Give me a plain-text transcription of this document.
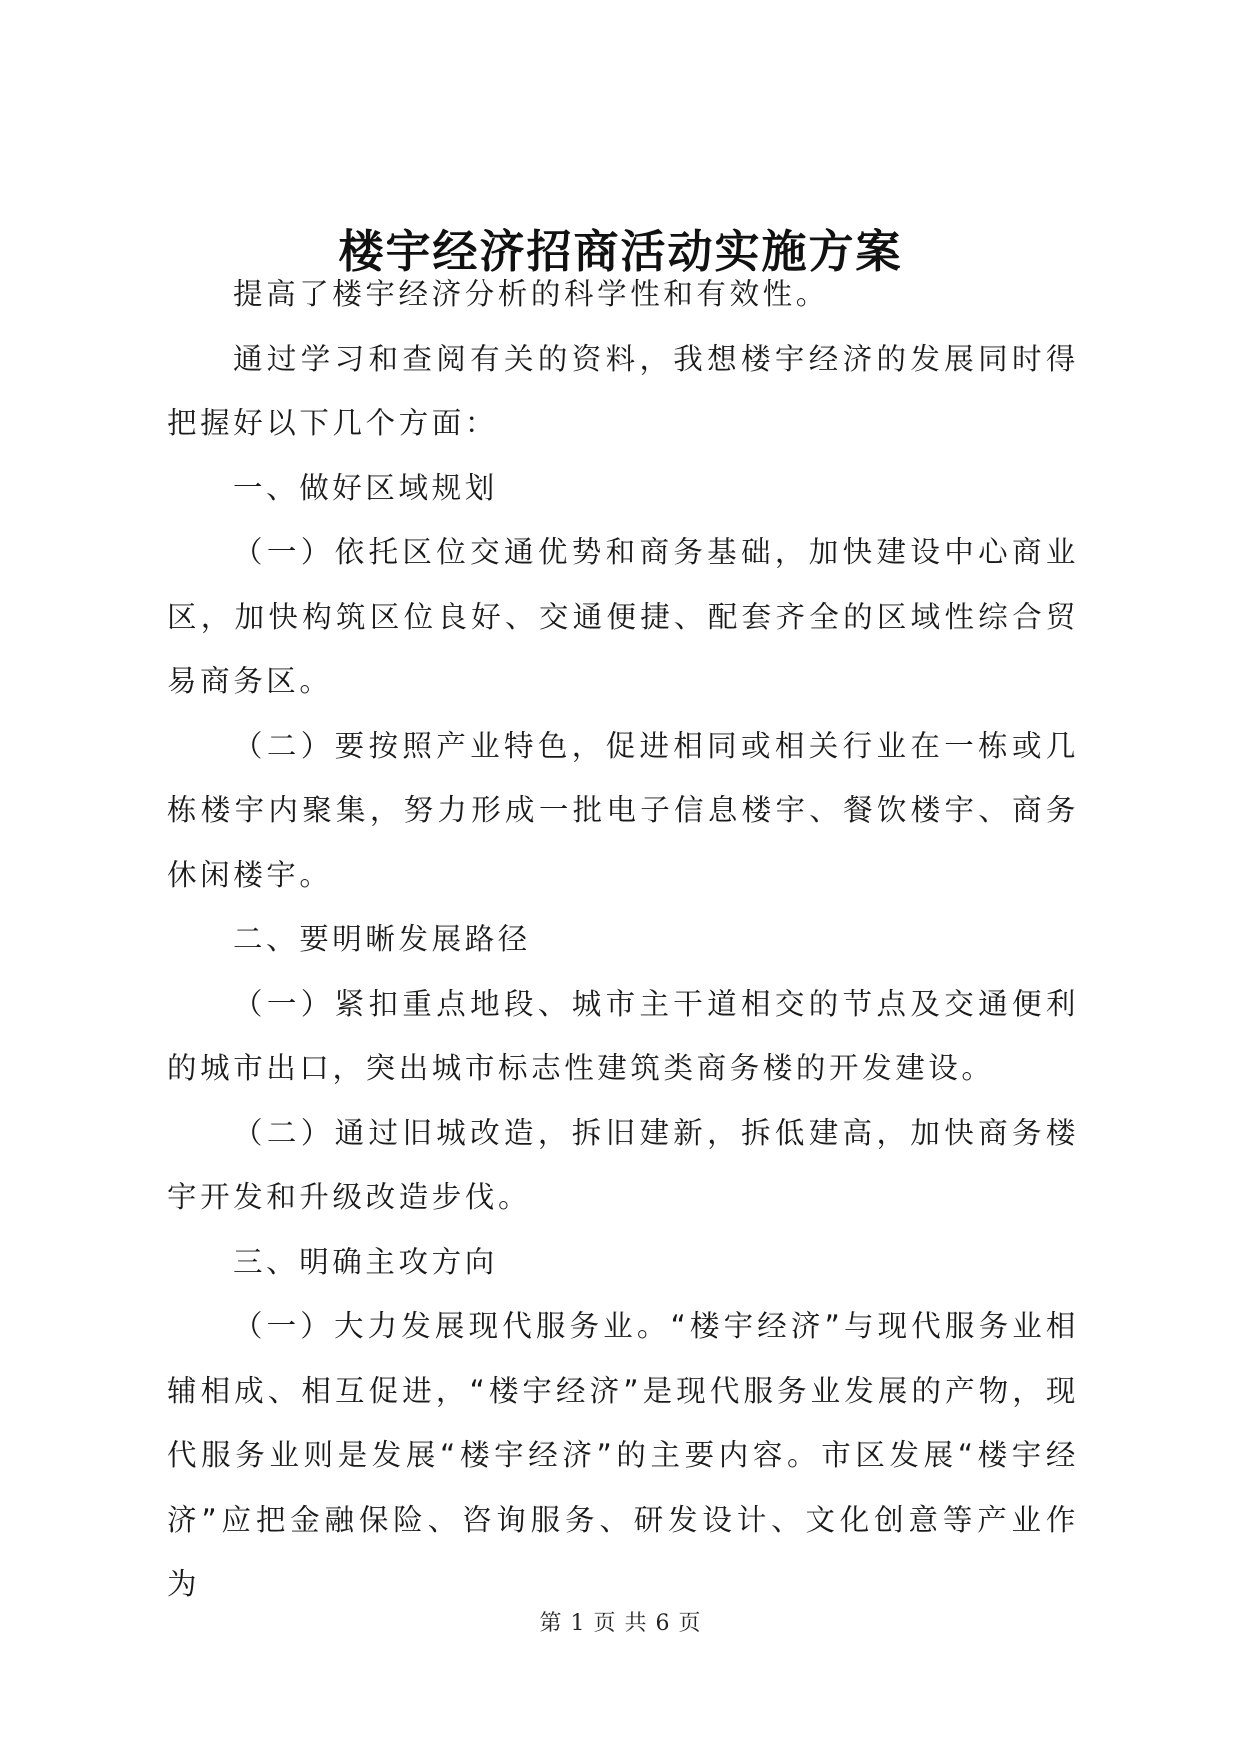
楼宇经济招商活动实施方案

提高了楼宇经济分析的科学性和有效性。

通过学习和查阅有关的资料，我想楼宇经济的发展同时得把握好以下几个方面：

一、做好区域规划

（一）依托区位交通优势和商务基础，加快建设中心商业区，加快构筑区位良好、交通便捷、配套齐全的区域性综合贸易商务区。

（二）要按照产业特色，促进相同或相关行业在一栋或几栋楼宇内聚集，努力形成一批电子信息楼宇、餐饮楼宇、商务休闲楼宇。

二、要明晰发展路径

（一）紧扣重点地段、城市主干道相交的节点及交通便利的城市出口，突出城市标志性建筑类商务楼的开发建设。

（二）通过旧城改造，拆旧建新，拆低建高，加快商务楼宇开发和升级改造步伐。

三、明确主攻方向

（一）大力发展现代服务业。“楼宇经济”与现代服务业相辅相成、相互促进，“楼宇经济”是现代服务业发展的产物，现代服务业则是发展“楼宇经济”的主要内容。市区发展“楼宇经济”应把金融保险、咨询服务、研发设计、文化创意等产业作为

第 1 页 共 6 页
